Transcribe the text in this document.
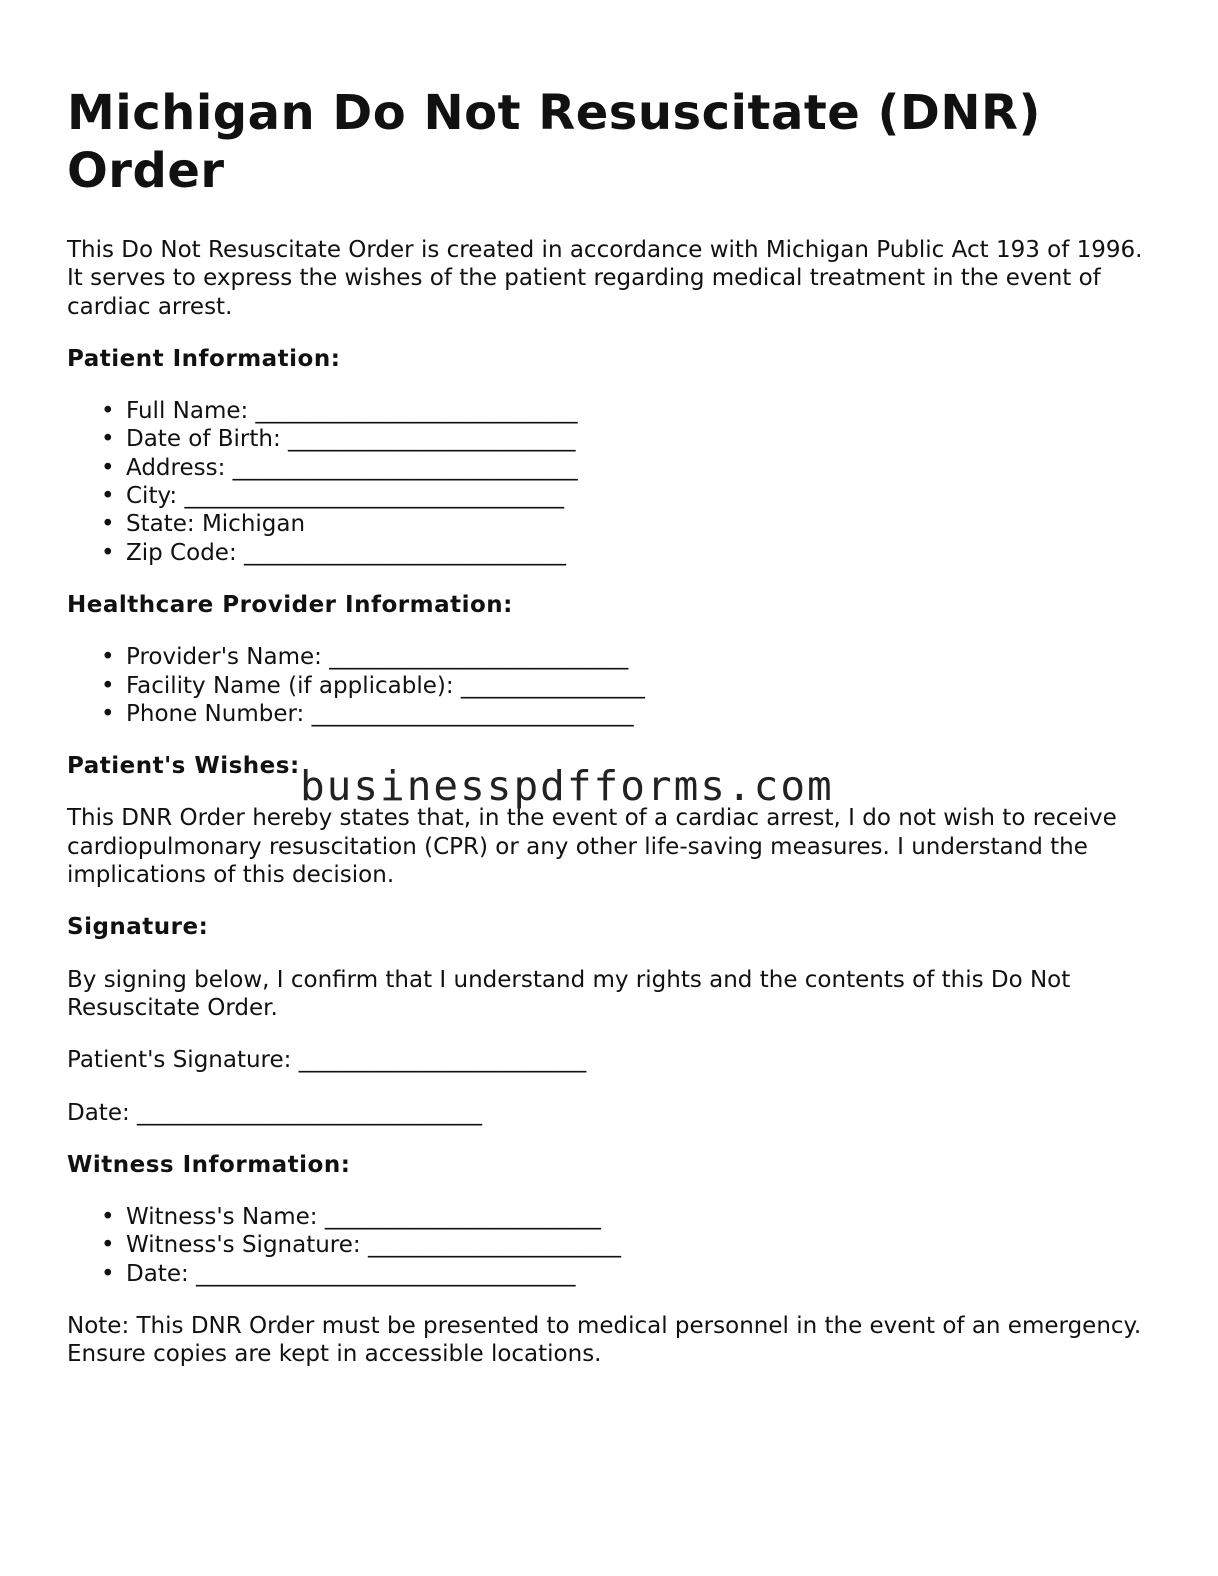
Michigan Do Not Resuscitate (DNR) Order

This Do Not Resuscitate Order is created in accordance with Michigan Public Act 193 of 1996. It serves to express the wishes of the patient regarding medical treatment in the event of cardiac arrest.

Patient Information:
• Full Name: ____________________________
• Date of Birth: _________________________
• Address: ______________________________
• City: _________________________________
• State: Michigan
• Zip Code: ____________________________
Healthcare Provider Information:
• Provider's Name: __________________________
• Facility Name (if applicable): ________________
• Phone Number: ____________________________
Patient's Wishes:

This DNR Order hereby states that, in the event of a cardiac arrest, I do not wish to receive cardiopulmonary resuscitation (CPR) or any other life-saving measures. I understand the implications of this decision.

Signature:

By signing below, I confirm that I understand my rights and the contents of this Do Not Resuscitate Order.

Patient's Signature: _________________________

Date: ______________________________

Witness Information:
• Witness's Name: ________________________
• Witness's Signature: ______________________
• Date: _________________________________

Note: This DNR Order must be presented to medical personnel in the event of an emergency. Ensure copies are kept in accessible locations.

businesspdfforms.com
